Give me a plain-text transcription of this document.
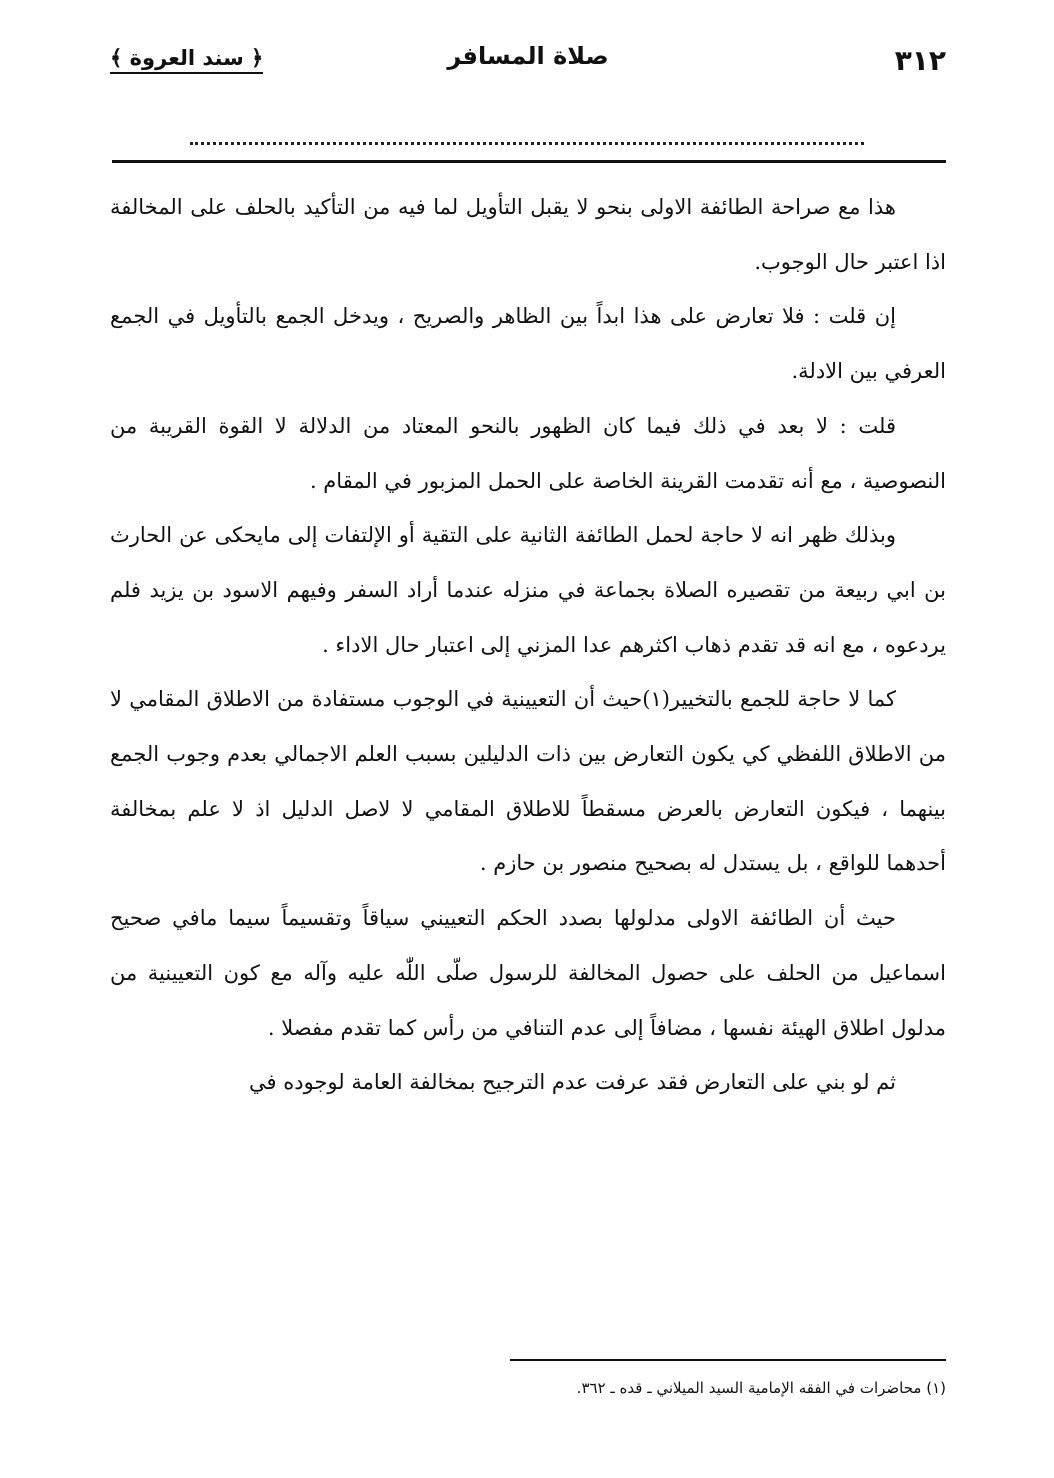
٣١٢
صلاة المسافر
﴿ سند العروة ﴾

هذا مع صراحة الطائفة الاولى بنحو لا يقبل التأويل لما فيه من التأكيد بالحلف على المخالفة اذا اعتبر حال الوجوب.

إن قلت : فلا تعارض على هذا ابداً بين الظاهر والصريح ، ويدخل الجمع بالتأويل في الجمع العرفي بين الادلة.

قلت : لا بعد في ذلك فيما كان الظهور بالنحو المعتاد من الدلالة لا القوة القريبة من النصوصية ، مع أنه تقدمت القرينة الخاصة على الحمل المزبور في المقام .

وبذلك ظهر انه لا حاجة لحمل الطائفة الثانية على التقية أو الإلتفات إلى مايحكى عن الحارث بن ابي ربيعة من تقصيره الصلاة بجماعة في منزله عندما أراد السفر وفيهم الاسود بن يزيد فلم يردعوه ، مع انه قد تقدم ذهاب اكثرهم عدا المزني إلى اعتبار حال الاداء .

كما لا حاجة للجمع بالتخيير(١)حيث أن التعيينية في الوجوب مستفادة من الاطلاق المقامي لا من الاطلاق اللفظي كي يكون التعارض بين ذات الدليلين بسبب العلم الاجمالي بعدم وجوب الجمع بينهما ، فيكون التعارض بالعرض مسقطاً للاطلاق المقامي لا لاصل الدليل اذ لا علم بمخالفة أحدهما للواقع ، بل يستدل له بصحيح منصور بن حازم .

حيث أن الطائفة الاولى مدلولها بصدد الحكم التعييني سياقاً وتقسيماً سيما مافي صحيح اسماعيل من الحلف على حصول المخالفة للرسول صلّى اللّٰه عليه وآله مع كون التعيينية من مدلول اطلاق الهيئة نفسها ، مضافاً إلى عدم التنافي من رأس كما تقدم مفصلا .

ثم لو بني على التعارض فقد عرفت عدم الترجيح بمخالفة العامة لوجوده في

(١) محاضرات في الفقه الإمامية السيد الميلاني ـ قده ـ ٣٦٢.
